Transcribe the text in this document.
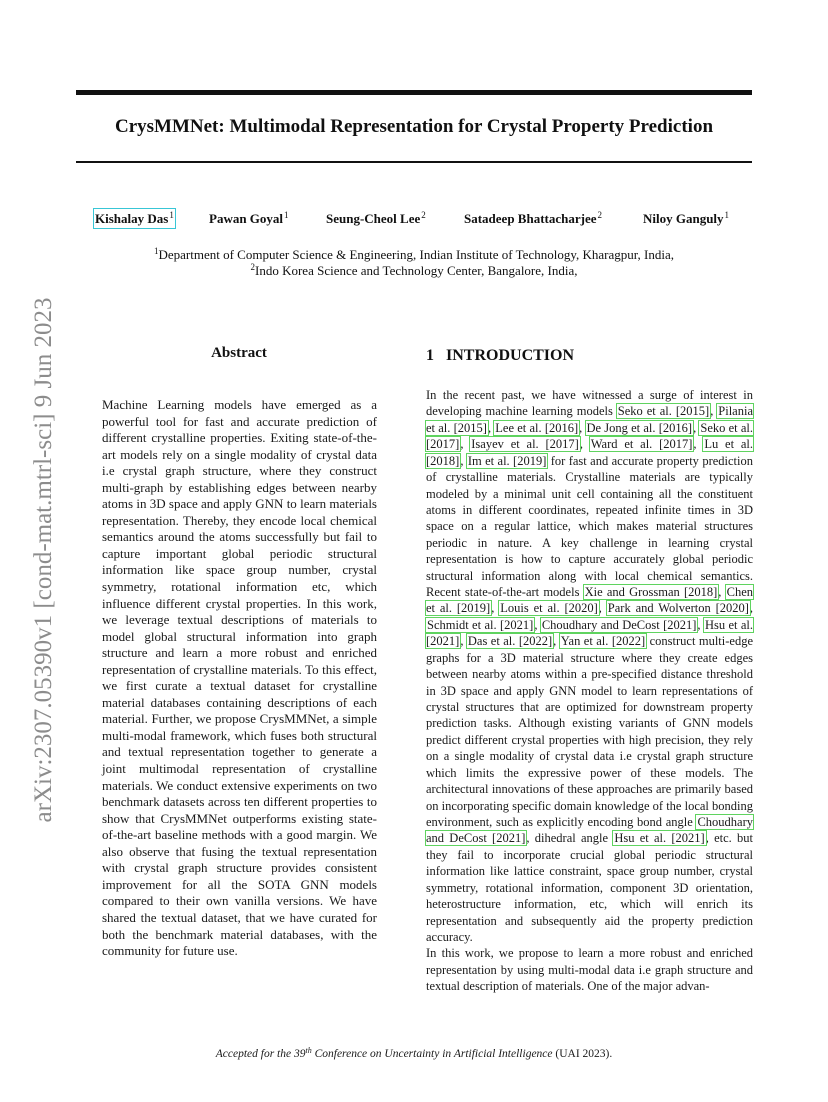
arXiv:2307.05390v1 [cond-mat.mtrl-sci] 9 Jun 2023
CrysMMNet: Multimodal Representation for Crystal Property Prediction
Kishalay Das$^1$	Pawan Goyal$^1$	Seung-Cheol Lee$^2$	Satadeep Bhattacharjee$^2$	Niloy Ganguly$^1$
$^1$Department of Computer Science & Engineering, Indian Institute of Technology, Kharagpur, India,
$^2$Indo Korea Science and Technology Center, Bangalore, India,
Abstract
Machine Learning models have emerged as a powerful tool for fast and accurate prediction of different crystalline properties. Exiting state-of-the-art models rely on a single modality of crystal data i.e crystal graph structure, where they construct multi-graph by establishing edges between nearby atoms in 3D space and apply GNN to learn materials representation. Thereby, they encode local chemical semantics around the atoms successfully but fail to capture important global periodic structural information like space group number, crystal symmetry, rotational information etc, which influence different crystal properties. In this work, we leverage textual descriptions of materials to model global structural information into graph structure and learn a more robust and enriched representation of crystalline materials. To this effect, we first curate a textual dataset for crystalline material databases containing descriptions of each material. Further, we propose CrysMMNet, a simple multi-modal framework, which fuses both structural and textual representation together to generate a joint multimodal representation of crystalline materials. We conduct extensive experiments on two benchmark datasets across ten different properties to show that CrysMMNet outperforms existing state-of-the-art baseline methods with a good margin. We also observe that fusing the textual representation with crystal graph structure provides consistent improvement for all the SOTA GNN models compared to their own vanilla versions. We have shared the textual dataset, that we have curated for both the benchmark material databases, with the community for future use.
1 INTRODUCTION

In the recent past, we have witnessed a surge of interest in developing machine learning models Seko et al. [2015], Pilania et al. [2015], Lee et al. [2016], De Jong et al. [2016], Seko et al. [2017], Isayev et al. [2017], Ward et al. [2017], Lu et al. [2018], Im et al. [2019] for fast and accurate property prediction of crystalline materials. Crystalline materials are typically modeled by a minimal unit cell containing all the constituent atoms in different coordinates, repeated infinite times in 3D space on a regular lattice, which makes material structures periodic in nature. A key challenge in learning crystal representation is how to capture accurately global periodic structural information along with local chemical semantics. Recent state-of-the-art models Xie and Grossman [2018], Chen et al. [2019], Louis et al. [2020], Park and Wolverton [2020], Schmidt et al. [2021], Choudhary and DeCost [2021], Hsu et al. [2021], Das et al. [2022], Yan et al. [2022] construct multi-edge graphs for a 3D material structure where they create edges between nearby atoms within a pre-specified distance threshold in 3D space and apply GNN model to learn representations of crystal structures that are optimized for downstream property prediction tasks. Although existing variants of GNN models predict different crystal properties with high precision, they rely on a single modality of crystal data i.e crystal graph structure which limits the expressive power of these models. The architectural innovations of these approaches are primarily based on incorporating specific domain knowledge of the local bonding environment, such as explicitly encoding bond angle Choudhary and DeCost [2021], dihedral angle Hsu et al. [2021], etc. but they fail to incorporate crucial global periodic structural information like lattice constraint, space group number, crystal symmetry, rotational information, component 3D orientation, heterostructure information, etc, which will enrich its representation and subsequently aid the property prediction accuracy.

In this work, we propose to learn a more robust and enriched representation by using multi-modal data i.e graph structure and textual description of materials. One of the major advan-

Accepted for the 39th Conference on Uncertainty in Artificial Intelligence (UAI 2023).
